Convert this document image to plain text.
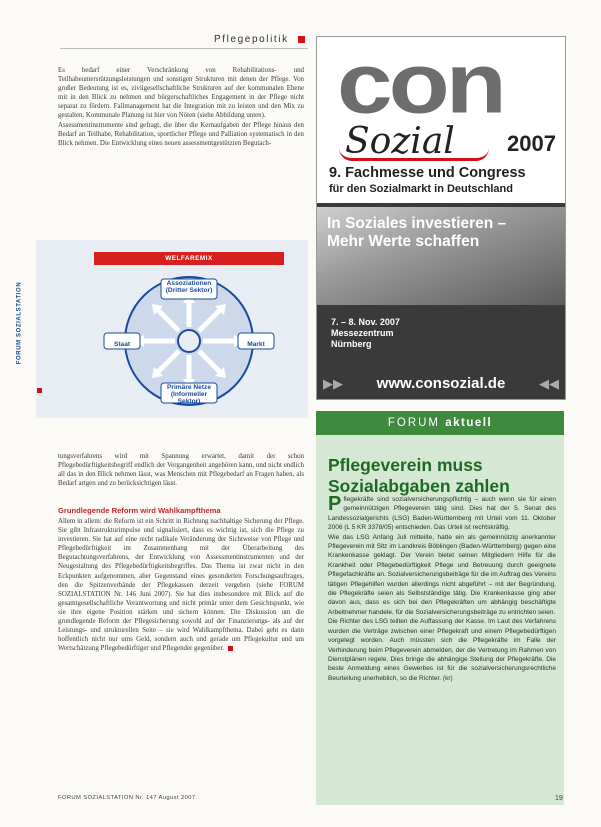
Pflegepolitik

Es bedarf einer Verschränkung von Rehabilitations- und Teilhabeunterstützungsleistungen und sonstigen Strukturen mit denen der Pflege. Von großer Bedeutung ist es, zivilgesellschaftliche Strukturen auf der kommunalen Ebene mit in den Blick zu nehmen und bürgerschaftliches Engagement in der Pflege nicht separat zu fördern. Fallmanagement hat die Integration mit zu leisten und den Mix zu gestalten. Kommunale Planung ist hier von Nöten (siehe Abbildung unten).

Assessmentinstrumente sind gefragt, die über die Kernaufgaben der Pflege hinaus den Bedarf an Teilhabe, Rehabilitation, sportlicher Pflege und Palliation systematisch in den Blick nehmen. Die Entwicklung eines neuen assessmentgestützten Begutach-

FORUM SOZIALSTATION
WELFAREMIX
Assoziationen (Dritter Sektor)
Staat	Markt
Primäre Netze (Informeller Sektor)

tungsverfahrens wird mit Spannung erwartet, damit der schon Pflegebedürftigkeitsbegriff endlich der Vergangenheit angehören kann, und nicht endlich all das in den Blick nehmen lässt, was Menschen mit Pflegebedarf an Fragen haben, als Bedarf artgen und zu berücksichtigen lässt.

Grundlegende Reform wird Wahlkampfthema

Allem in allem: die Reform ist ein Schritt in Richtung nachhaltige Sicherung der Pflege. Sie gibt Infrastrukturimpulse und signalisiert, dass es wichtig ist, sich die Pflege zu investieren. Sie hat auf eine recht radikale Veränderung der Sichtweise von Pflege und Pflegebedürftigkeit im Zusammenhang mit der Überarbeitung des Begutachtungsverfahrens, der Entwicklung von Assessmentinstrumenten und der Neugestaltung des Pflegebedürftigkeitsbegriffes. Das Thema ist zwar nicht in den Eckpunkten aufgenommen, aber Gegenstand eines gesonderten Forschungsauftrages, den die Spitzenverbände der Pflegekassen derzeit vergeben (siehe FORUM SOZIALSTATION Nr. 146 Juni 2007). Sie hat dies insbesondere mit Blick auf die gesamtgesellschaftliche Verantwortung und nicht primär unter dem Gesichtspunkt, wie sie ihre eigene Position stärken und sichern können. Die Diskussion um die grundlegende Reform der Pflegesicherung sowohl auf der Finanzierungs- als auf der Leistungs- und strukturellen Seite – sie wird Wahlkampfthema. Dabei geht es dann hoffentlich nicht nur ums Geld, sondern auch und gerade um Pflegekultur und um Wertschätzung Pflegebedürftiger und Pflegender gegenüber.

con
Sozial 2007
9. Fachmesse und Congress
für den Sozialmarkt in Deutschland
In Soziales investieren –
Mehr Werte schaffen
7. – 8. Nov. 2007
Messezentrum
Nürnberg
▶▶	www.consozial.de	◀◀
FORUM aktuell
Pflegeverein muss
Sozialabgaben zahlen

Pflegekräfte sind sozialversicherungspflichtig – auch wenn sie für einen gemeinnützigen Pflegeverein tätig sind. Dies hat der 5. Senat des Landessozialgerichts (LSG) Baden-Württemberg mit Urteil vom 11. Oktober 2006 (L 5 KR 3378/05) entschieden. Das Urteil ist rechtskräftig.

Wie das LSG Anfang Juli mitteilte, hatte ein als gemeinnützig anerkannter Pflegeverein mit Sitz im Landkreis Böblingen (Baden-Württemberg) gegen eine Krankenkasse geklagt. Der Verein bietet seinen Mitgliedern Hilfe für die Krankheit oder Pflegebedürftigkeit Pflege und Betreuung durch geeignete Pflegefachkräfte an. Sozialversicherungsbeiträge für die im Auftrag des Vereins tätigen Pflegehilfen wurden allerdings nicht abgeführt – mit der Begründung, die Pflegekräfte seien als Selbstständige tätig. Die Krankenkasse ging aber davon aus, dass es sich bei den Pflegekräften um abhängig beschäftigte Arbeitnehmer handele, für die Sozialversicherungsbeiträge zu entrichten seien.

Die Richter des LSG teilten die Auffassung der Kasse. Im Laut des Verfahrens wurden die Verträge zwischen einer Pflegekraft und einem Pflegebedürftigen vorgelegt worden. Auch müssten sich die Pflegekräfte im Falle der Verhinderung beim Pflegeverein abmelden, der die Vertretung im Rahmen von Dienstplänen regele. Dies bringe die abhängige Stellung der Pflegekräfte. Die beste Anmeldung eines Gewerbes ist für die sozialversicherungsrechtliche Beurteilung unerheblich, so die Richter. (kr)

FORUM SOZIALSTATION Nr. 147 August 2007	19
